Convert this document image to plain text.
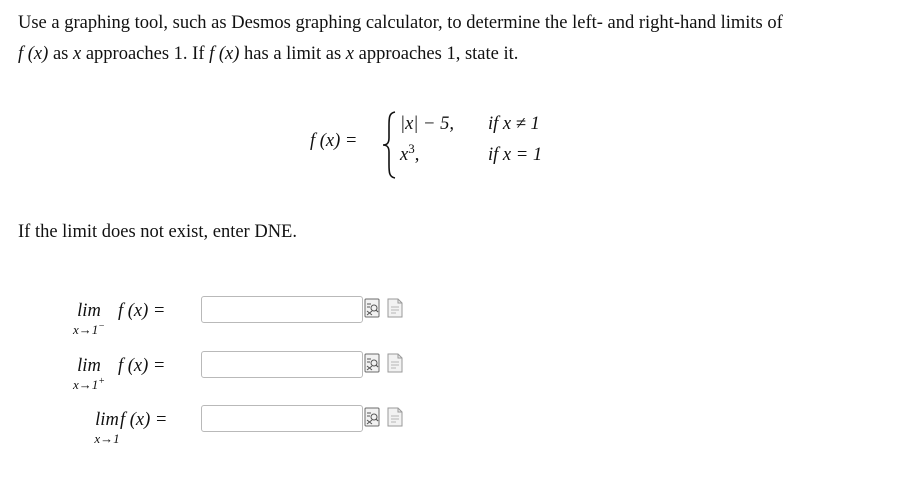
Use a graphing tool, such as Desmos graphing calculator, to determine the left- and right-hand limits of
f (x) as x approaches 1. If f (x) has a limit as x approaches 1, state it.
f (x) =
|x| − 5, if x ≠ 1
$x^3$,	if x = 1
If the limit does not exist, enter DNE.
lim
x→1−
f (x) =
lim
x→1+
f (x) =
lim
x→1
f (x) =
